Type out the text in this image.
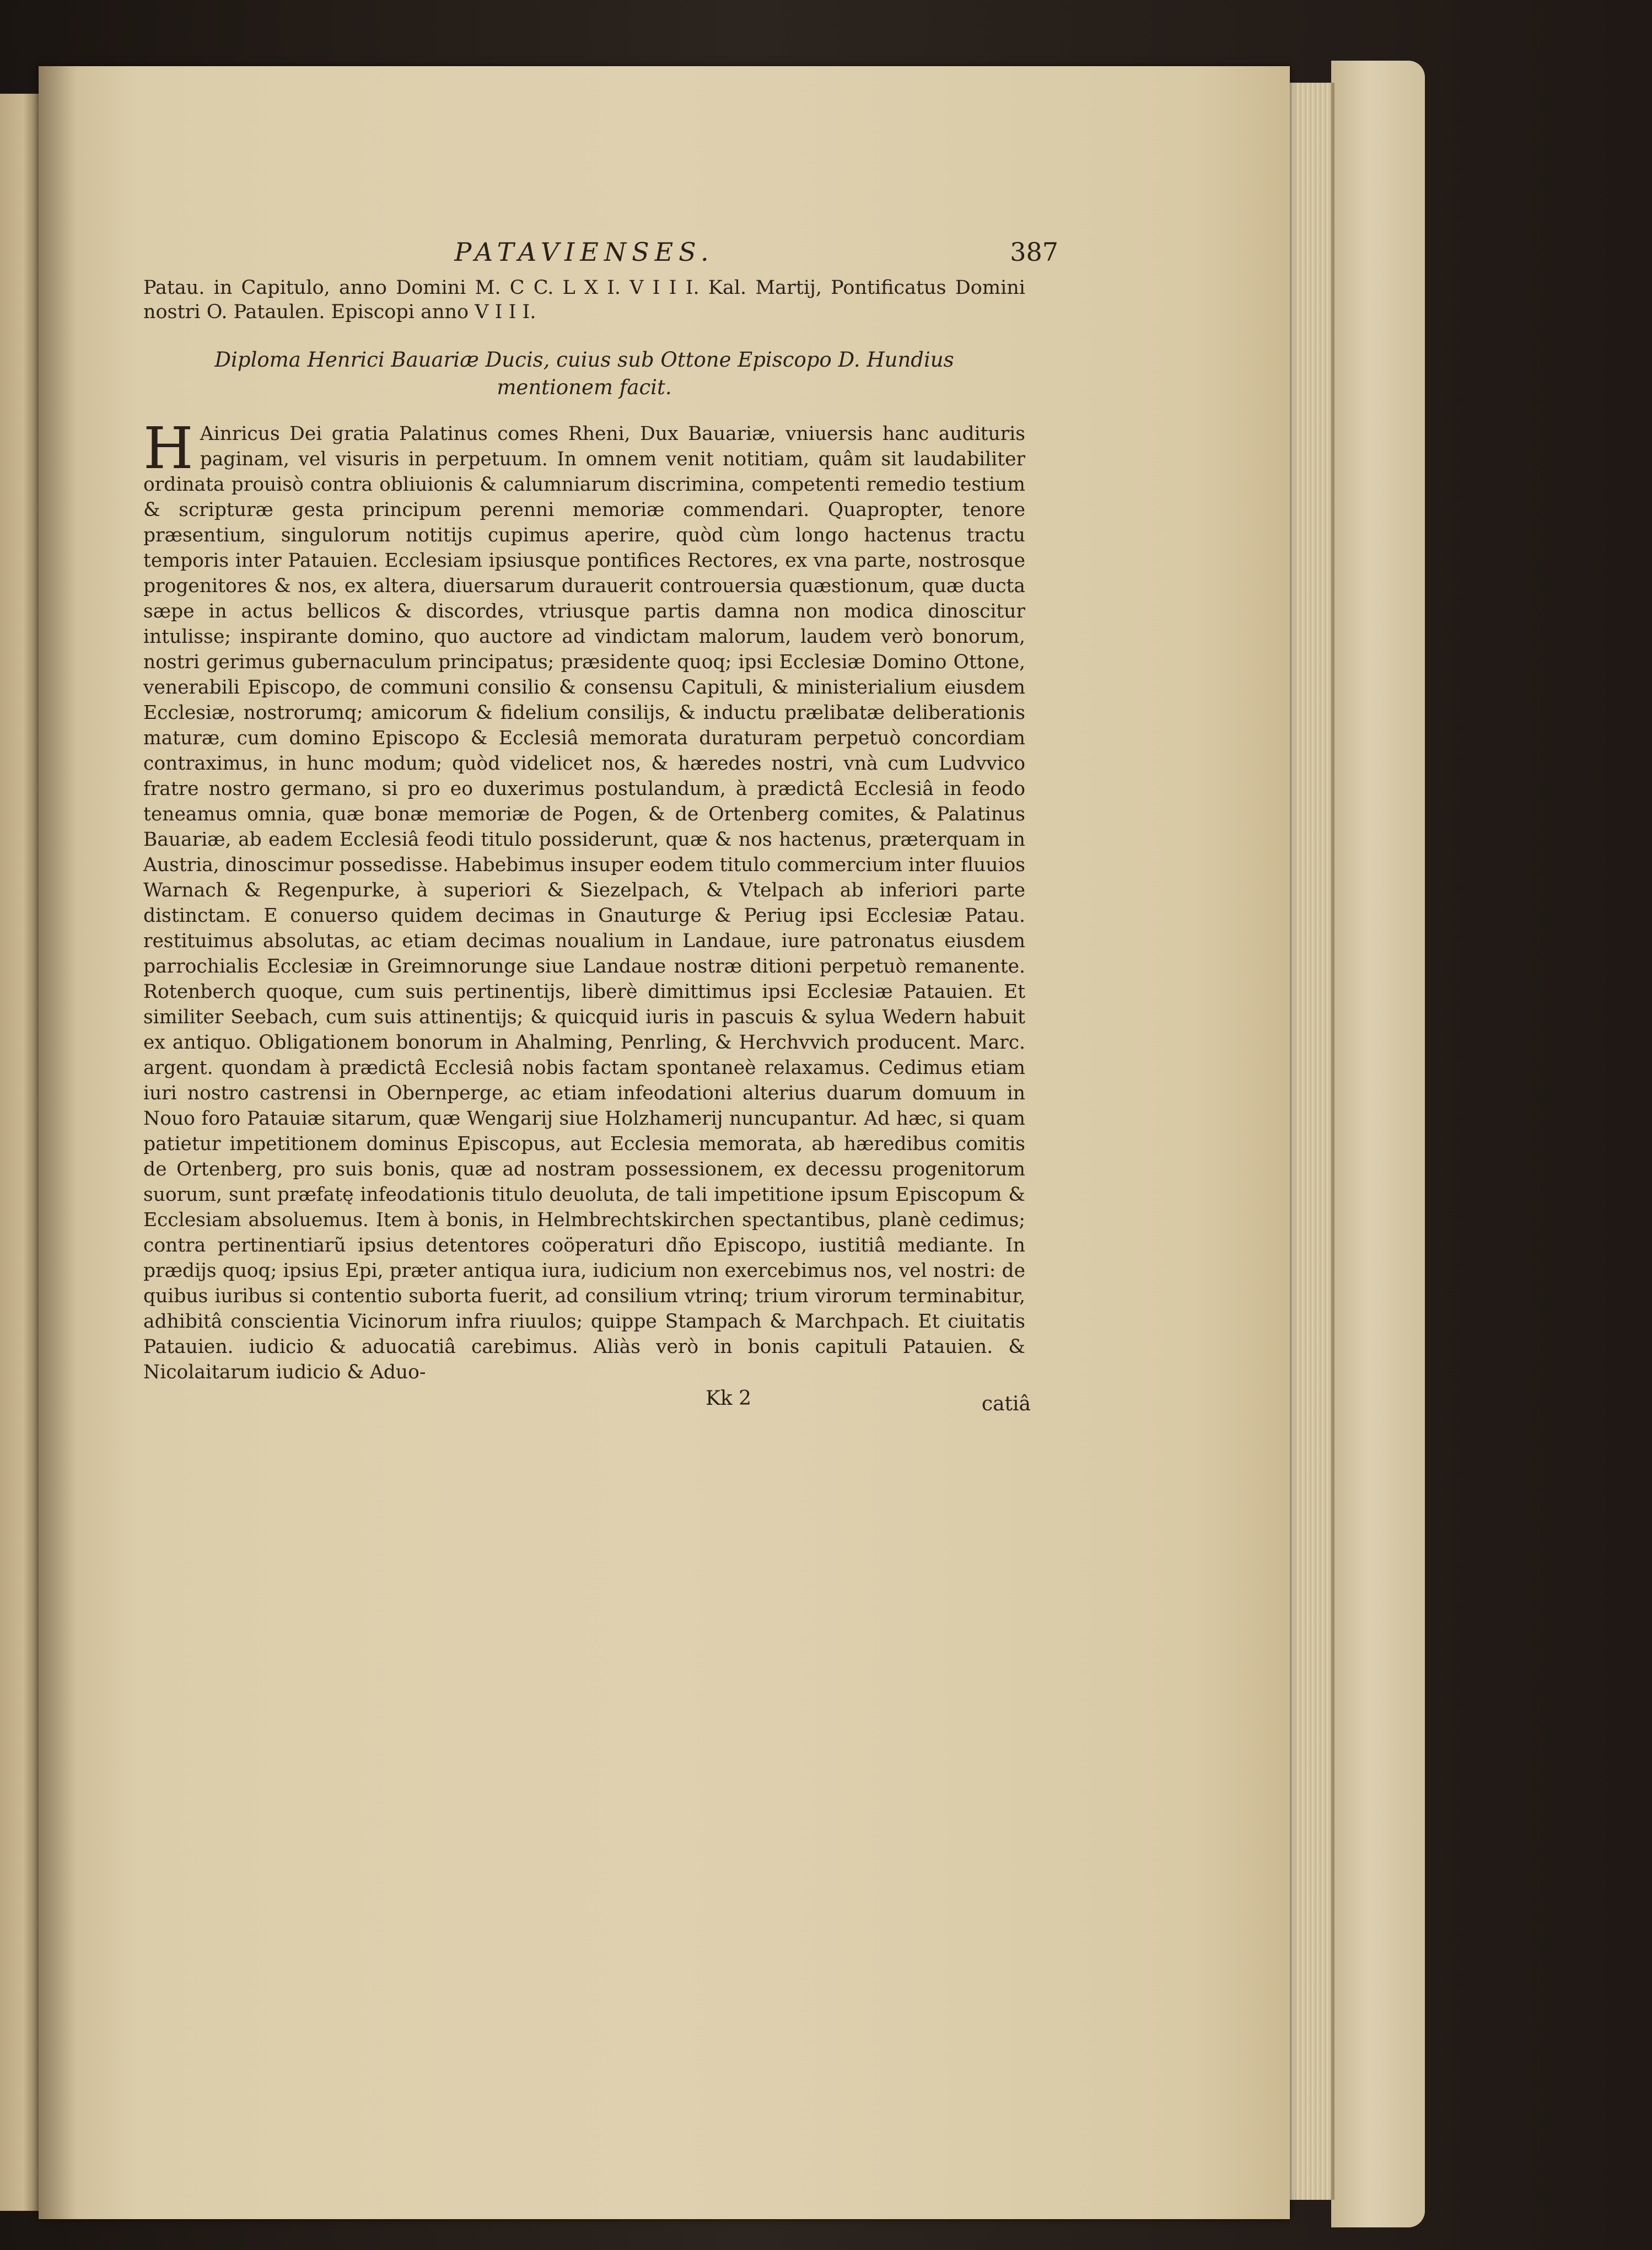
PATAVIENSES.	387

Patau. in Capitulo, anno Domini M. C C. L X I. V I I I. Kal. Martij, Pontificatus Domini nostri O. Pataulen. Episcopi anno V I I I.

Diploma Henrici Bauariæ Ducis, cuius sub Ottone Episcopo D. Hundius mentionem facit.

H Ainricus Dei gratia Palatinus comes Rheni, Dux Bauariæ, vniuersis hanc audituris paginam, vel visuris in perpetuum. In omnem venit notitiam, quâm sit laudabiliter ordinata prouisò contra obliuionis & calumniarum discrimina, competenti remedio testium & scripturæ gesta principum perenni memoriæ commendari. Quapropter, tenore præsentium, singulorum notitijs cupimus aperire, quòd cùm longo hactenus tractu temporis inter Patauien. Ecclesiam ipsiusque pontifices Rectores, ex vna parte, nostrosque progenitores & nos, ex altera, diuersarum durauerit controuersia quæstionum, quæ ducta sæpe in actus bellicos & discordes, vtriusque partis damna non modica dinoscitur intulisse; inspirante domino, quo auctore ad vindictam malorum, laudem verò bonorum, nostri gerimus gubernaculum principatus; præsidente quoq; ipsi Ecclesiæ Domino Ottone, venerabili Episcopo, de communi consilio & consensu Capituli, & ministerialium eiusdem Ecclesiæ, nostrorumq; amicorum & fidelium consilijs, & inductu prælibatæ deliberationis maturæ, cum domino Episcopo & Ecclesiâ memorata duraturam perpetuò concordiam contraximus, in hunc modum; quòd videlicet nos, & hæredes nostri, vnà cum Ludvvico fratre nostro germano, si pro eo duxerimus postulandum, à prædictâ Ecclesiâ in feodo teneamus omnia, quæ bonæ memoriæ de Pogen, & de Ortenberg comites, & Palatinus Bauariæ, ab eadem Ecclesiâ feodi titulo possiderunt, quæ & nos hactenus, præterquam in Austria, dinoscimur possedisse. Habebimus insuper eodem titulo commercium inter fluuios Warnach & Regenpurke, à superiori & Siezelpach, & Vtelpach ab inferiori parte distinctam. E conuerso quidem decimas in Gnauturge & Periug ipsi Ecclesiæ Patau. restituimus absolutas, ac etiam decimas noualium in Landaue, iure patronatus eiusdem parrochialis Ecclesiæ in Greimnorunge siue Landaue nostræ ditioni perpetuò remanente. Rotenberch quoque, cum suis pertinentijs, liberè dimittimus ipsi Ecclesiæ Patauien. Et similiter Seebach, cum suis attinentijs; & quicquid iuris in pascuis & sylua Wedern habuit ex antiquo. Obligationem bonorum in Ahalming, Penrling, & Herchvvich producent. Marc. argent. quondam à prædictâ Ecclesiâ nobis factam spontaneè relaxamus. Cedimus etiam iuri nostro castrensi in Obernperge, ac etiam infeodationi alterius duarum domuum in Nouo foro Patauiæ sitarum, quæ Wengarij siue Holzhamerij nuncupantur. Ad hæc, si quam patietur impetitionem dominus Episcopus, aut Ecclesia memorata, ab hæredibus comitis de Ortenberg, pro suis bonis, quæ ad nostram possessionem, ex decessu progenitorum suorum, sunt præfatę infeodationis titulo deuoluta, de tali impetitione ipsum Episcopum & Ecclesiam absoluemus. Item à bonis, in Helmbrechtskirchen spectantibus, planè cedimus; contra pertinentiarũ ipsius detentores coöperaturi dño Episcopo, iustitiâ mediante. In prædijs quoq; ipsius Epi, præter antiqua iura, iudicium non exercebimus nos, vel nostri: de quibus iuribus si contentio suborta fuerit, ad consilium vtrinq; trium virorum terminabitur, adhibitâ conscientia Vicinorum infra riuulos; quippe Stampach & Marchpach. Et ciuitatis Patauien. iudicio & aduocatiâ carebimus. Aliàs verò in bonis capituli Patauien. & Nicolaitarum iudicio & Aduo-

Kk 2	catiâ
